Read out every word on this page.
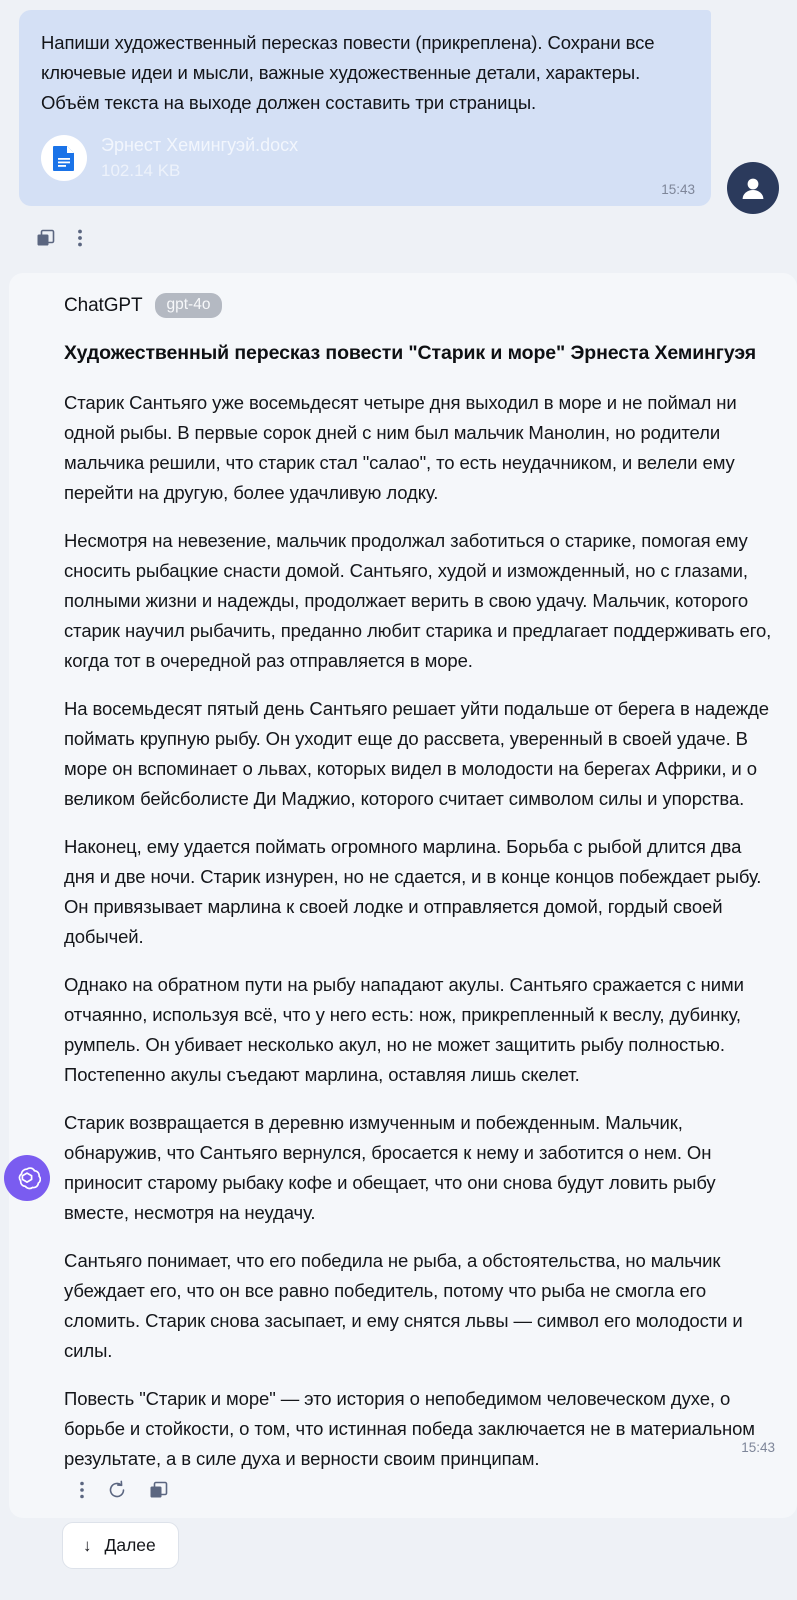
Напиши художественный пересказ повести (прикреплена). Сохрани все ключевые идеи и мысли, важные художественные детали, характеры. Объём текста на выходе должен составить три страницы.
Эрнест Хемингуэй.docx
102.14 KB
15:43
ChatGPT	gpt-4o
Художественный пересказ повести "Старик и море" Эрнеста Хемингуэя

Старик Сантьяго уже восемьдесят четыре дня выходил в море и не поймал ни одной рыбы. В первые сорок дней с ним был мальчик Манолин, но родители мальчика решили, что старик стал "салао", то есть неудачником, и велели ему перейти на другую, более удачливую лодку.

Несмотря на невезение, мальчик продолжал заботиться о старике, помогая ему сносить рыбацкие снасти домой. Сантьяго, худой и изможденный, но с глазами, полными жизни и надежды, продолжает верить в свою удачу. Мальчик, которого старик научил рыбачить, преданно любит старика и предлагает поддерживать его, когда тот в очередной раз отправляется в море.

На восемьдесят пятый день Сантьяго решает уйти подальше от берега в надежде поймать крупную рыбу. Он уходит еще до рассвета, уверенный в своей удаче. В море он вспоминает о львах, которых видел в молодости на берегах Африки, и о великом бейсболисте Ди Маджио, которого считает символом силы и упорства.

Наконец, ему удается поймать огромного марлина. Борьба с рыбой длится два дня и две ночи. Старик изнурен, но не сдается, и в конце концов побеждает рыбу. Он привязывает марлина к своей лодке и отправляется домой, гордый своей добычей.

Однако на обратном пути на рыбу нападают акулы. Сантьяго сражается с ними отчаянно, используя всё, что у него есть: нож, прикрепленный к веслу, дубинку, румпель. Он убивает несколько акул, но не может защитить рыбу полностью. Постепенно акулы съедают марлина, оставляя лишь скелет.

Старик возвращается в деревню измученным и побежденным. Мальчик, обнаружив, что Сантьяго вернулся, бросается к нему и заботится о нем. Он приносит старому рыбаку кофе и обещает, что они снова будут ловить рыбу вместе, несмотря на неудачу.

Сантьяго понимает, что его победила не рыба, а обстоятельства, но мальчик убеждает его, что он все равно победитель, потому что рыба не смогла его сломить. Старик снова засыпает, и ему снятся львы — символ его молодости и силы.

Повесть "Старик и море" — это история о непобедимом человеческом духе, о борьбе и стойкости, о том, что истинная победа заключается не в материальном результате, а в силе духа и верности своим принципам.

15:43
↓ Далее
